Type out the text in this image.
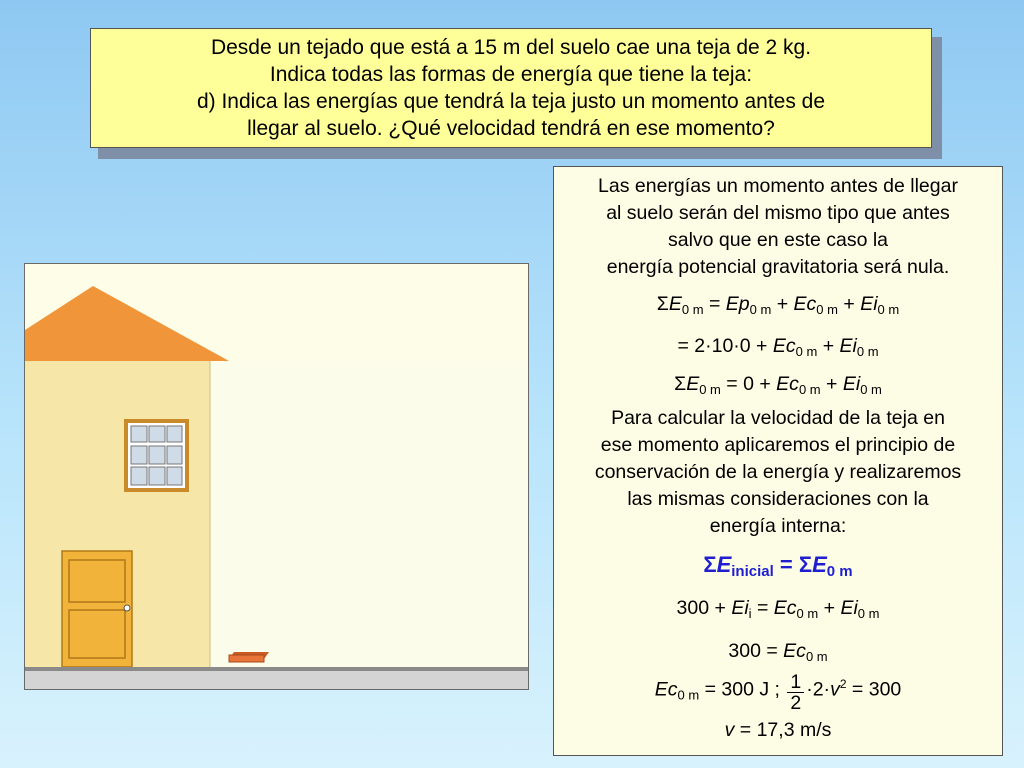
Desde un tejado que está a 15 m del suelo cae una teja de 2 kg.
Indica todas las formas de energía que tiene la teja:
d) Indica las energías que tendrá la teja justo un momento antes de
llegar al suelo. ¿Qué velocidad tendrá en ese momento?
Las energías un momento antes de llegar
al suelo serán del mismo tipo que antes
salvo que en este caso la
energía potencial gravitatoria será nula.
$\Sigma E_{0 m} = Ep_{0 m} + Ec_{0 m} + Ei_{0 m}$
= $2\cdot 10\cdot 0 + Ec_{0 m} + Ei_{0 m}$
$\Sigma E_{0 m} = 0 + Ec_{0 m} + Ei_{0 m}$
Para calcular la velocidad de la teja en
ese momento aplicaremos el principio de
conservación de la energía y realizaremos
las mismas consideraciones con la
energía interna:
$\Sigma E_{inicial} = \Sigma E_{0 m}$
$300 + Ei_i = Ec_{0 m} + Ei_{0 m}$
$300 = Ec_{0 m}$
$Ec_{0 m} = 300$ J ; $\frac{1}{2} \cdot 2\cdot v^2 = 300$
v = 17,3 m/s
